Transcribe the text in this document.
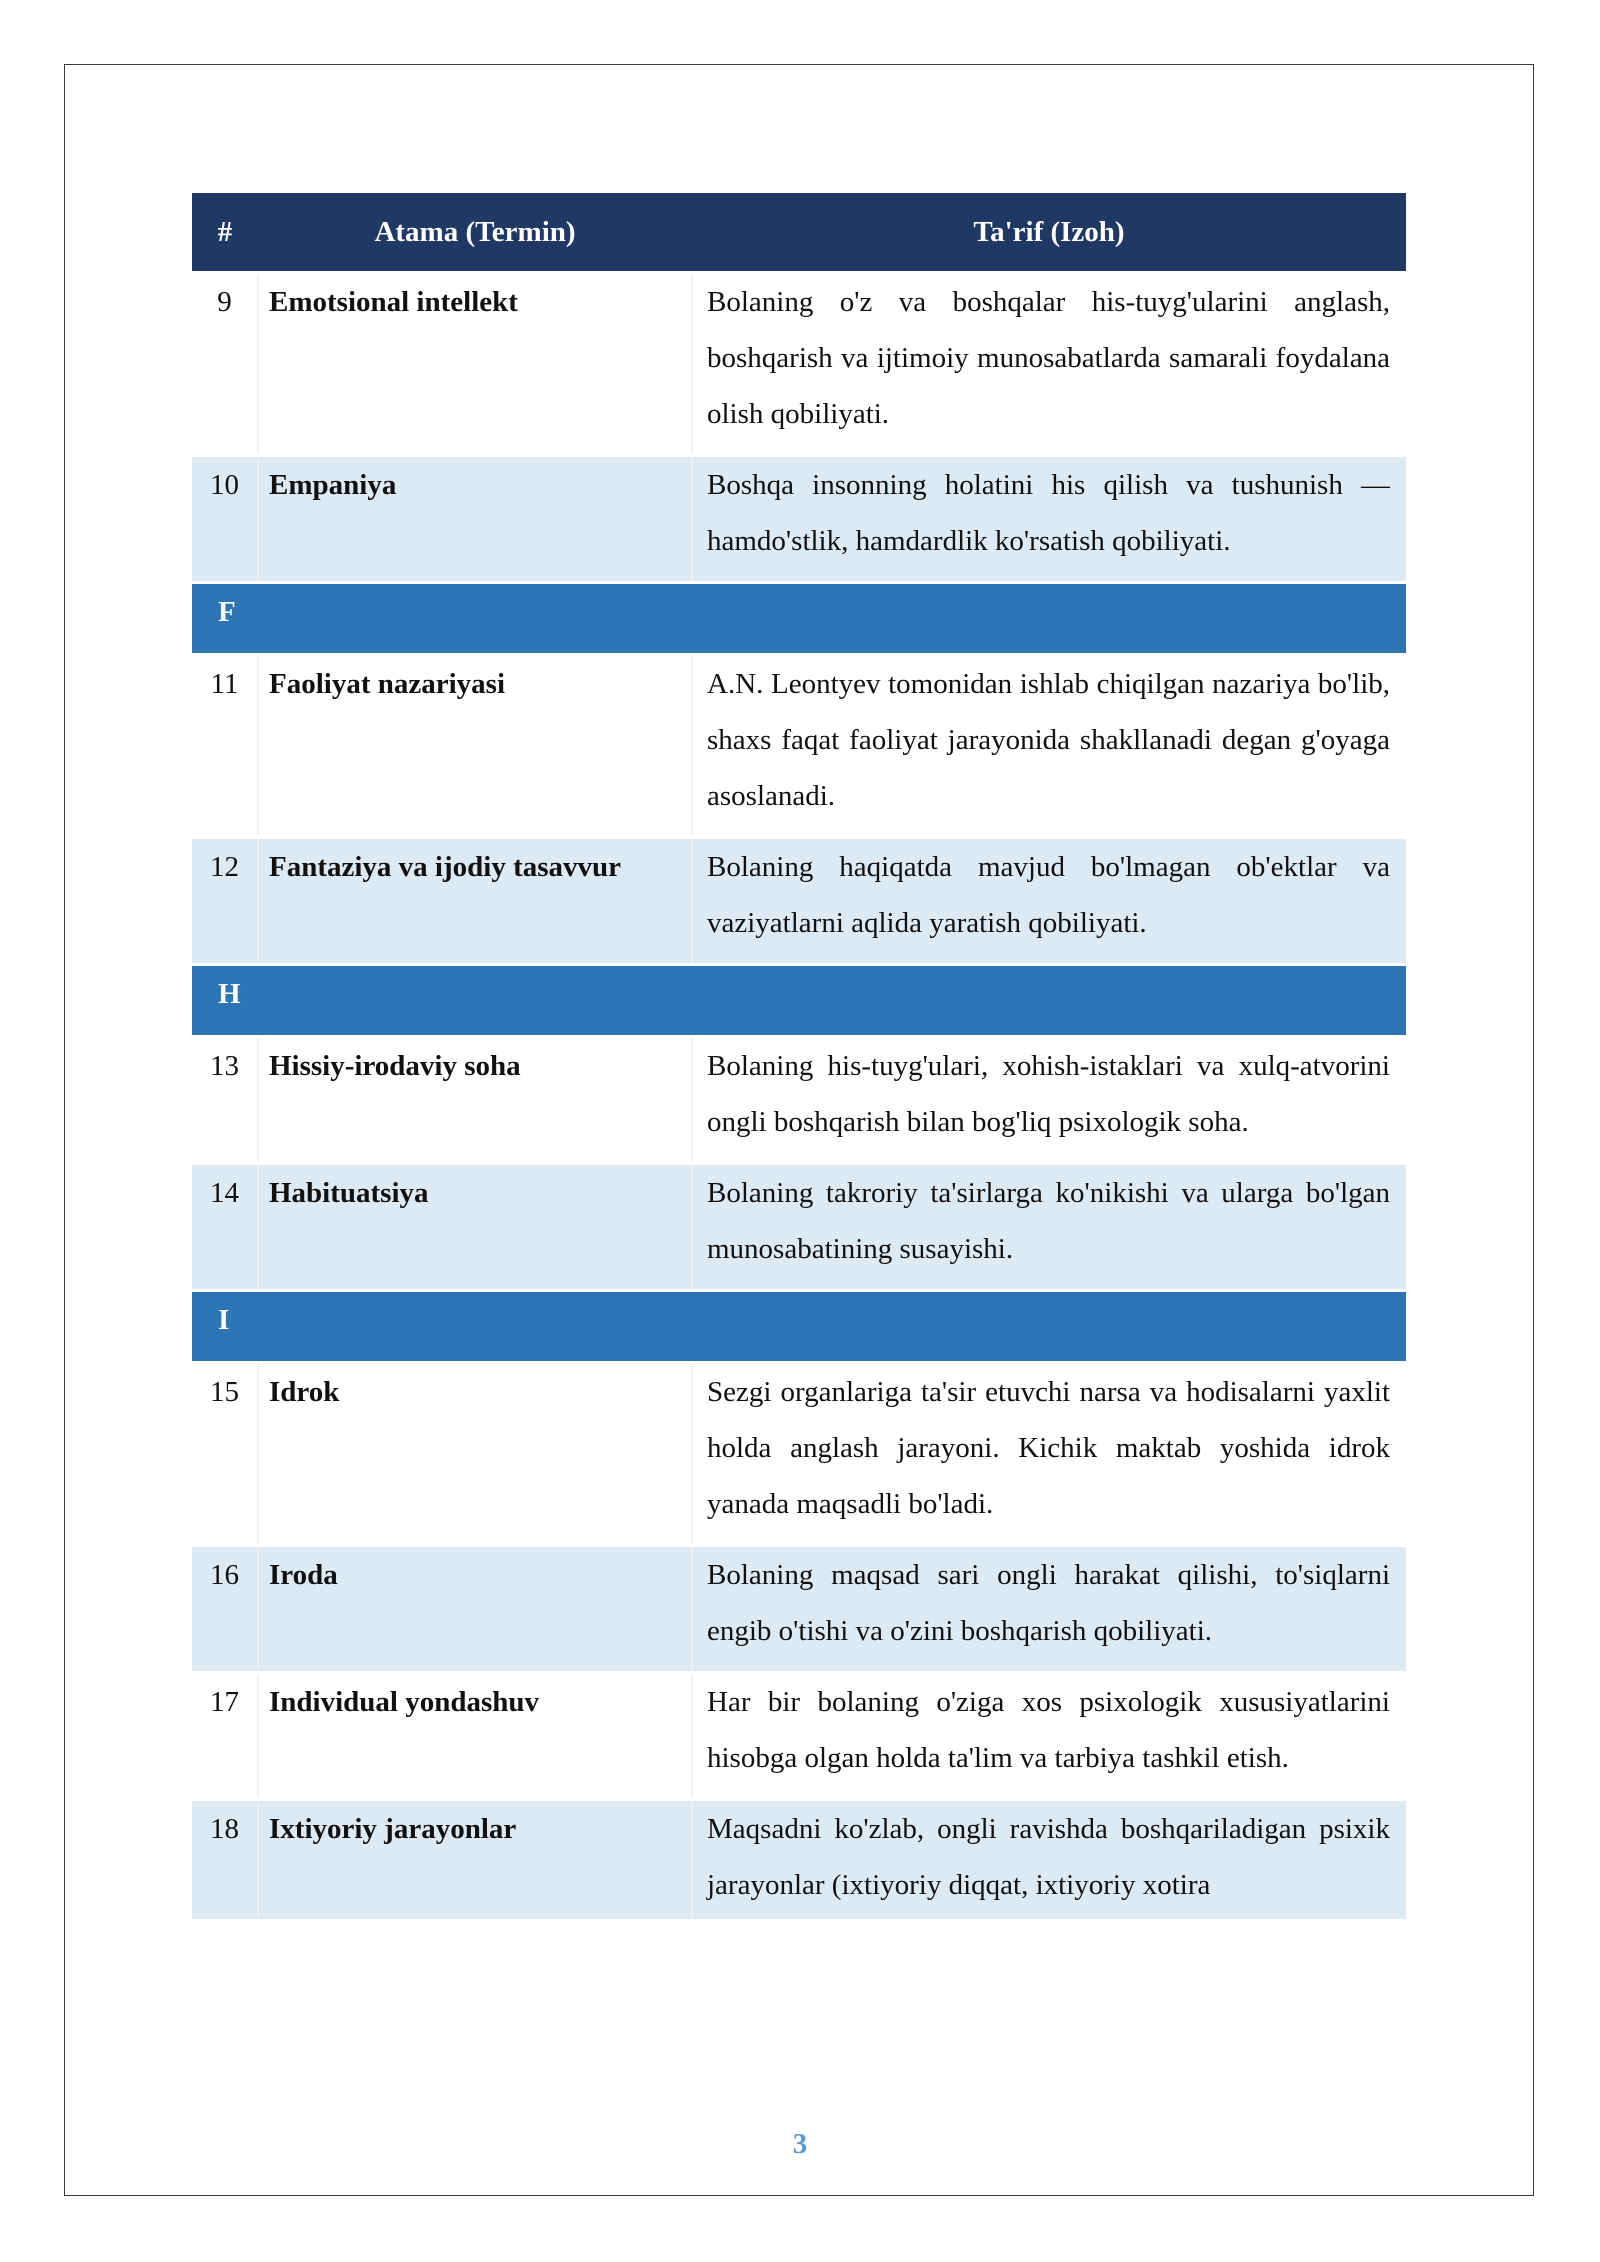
#	Atama (Termin)	Ta'rif (Izoh)
9	Emotsional intellekt	Bolaning o'z va boshqalar his-tuyg'ularini anglash, boshqarish va ijtimoiy munosabatlarda samarali foydalana olish qobiliyati.
10	Empaniya	Boshqa insonning holatini his qilish va tushunish — hamdo'stlik, hamdardlik ko'rsatish qobiliyati.
F		
11	Faoliyat nazariyasi	A.N. Leontyev tomonidan ishlab chiqilgan nazariya bo'lib, shaxs faqat faoliyat jarayonida shakllanadi degan g'oyaga asoslanadi.
12	Fantaziya va ijodiy tasavvur	Bolaning haqiqatda mavjud bo'lmagan ob'ektlar va vaziyatlarni aqlida yaratish qobiliyati.
H		
13	Hissiy-irodaviy soha	Bolaning his-tuyg'ulari, xohish-istaklari va xulq-atvorini ongli boshqarish bilan bog'liq psixologik soha.
14	Habituatsiya	Bolaning takroriy ta'sirlarga ko'nikishi va ularga bo'lgan munosabatining susayishi.
I		
15	Idrok	Sezgi organlariga ta'sir etuvchi narsa va hodisalarni yaxlit holda anglash jarayoni. Kichik maktab yoshida idrok yanada maqsadli bo'ladi.
16	Iroda	Bolaning maqsad sari ongli harakat qilishi, to'siqlarni engib o'tishi va o'zini boshqarish qobiliyati.
17	Individual yondashuv	Har bir bolaning o'ziga xos psixologik xususiyatlarini hisobga olgan holda ta'lim va tarbiya tashkil etish.
18	Ixtiyoriy jarayonlar	Maqsadni ko'zlab, ongli ravishda boshqariladigan psixik jarayonlar (ixtiyoriy diqqat, ixtiyoriy xotira
3
